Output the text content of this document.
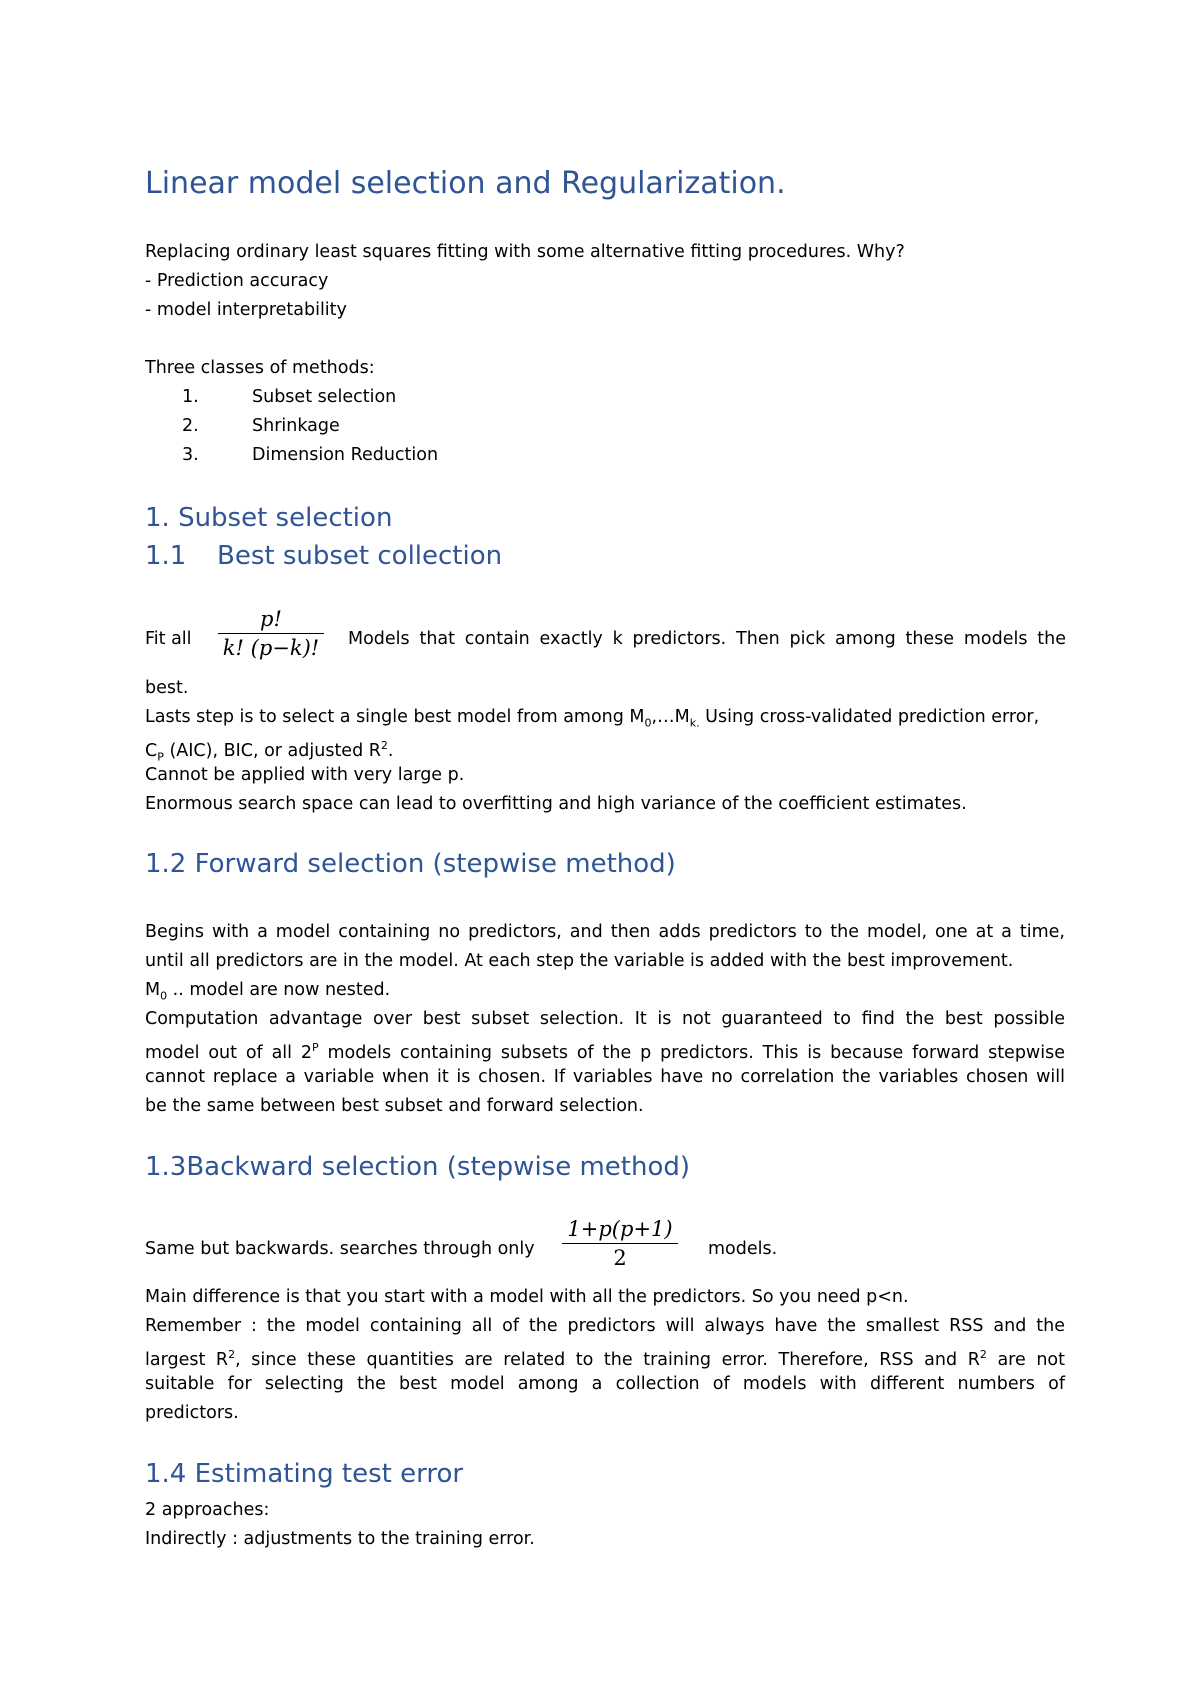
Linear model selection and Regularization.

Replacing ordinary least squares fitting with some alternative fitting procedures. Why?

- Prediction accuracy

- model interpretability

Three classes of methods:

1.	Subset selection

2.	Shrinkage

3.	Dimension Reduction

1. Subset selection
1.1 Best subset collection

Fit all

p!
k! (p−k)! Models that contain exactly k predictors. Then pick among these models the

best.

Lasts step is to select a single best model from among $M_0,\dots M_{k.}$ Using cross-validated prediction error,

$C_P$ (AIC), BIC, or adjusted $R^2$.

Cannot be applied with very large p.

Enormous search space can lead to overfitting and high variance of the coefficient estimates.

1.2 Forward selection (stepwise method)

Begins with a model containing no predictors, and then adds predictors to the model, one at a time,

until all predictors are in the model. At each step the variable is added with the best improvement.

$M_0$ .. model are now nested.

Computation advantage over best subset selection. It is not guaranteed to find the best possible

model out of all $2^P$ models containing subsets of the p predictors. This is because forward stepwise

cannot replace a variable when it is chosen. If variables have no correlation the variables chosen will

be the same between best subset and forward selection.

1.3Backward selection (stepwise method)

Same but backwards. searches through only

1+p(p+1)
2	models.

Main difference is that you start with a model with all the predictors. So you need p<n.

Remember : the model containing all of the predictors will always have the smallest RSS and the

largest $R^2$, since these quantities are related to the training error. Therefore, RSS and $R^2$ are not

suitable for selecting the best model among a collection of models with different numbers of

predictors.

1.4 Estimating test error

2 approaches:

Indirectly : adjustments to the training error.
